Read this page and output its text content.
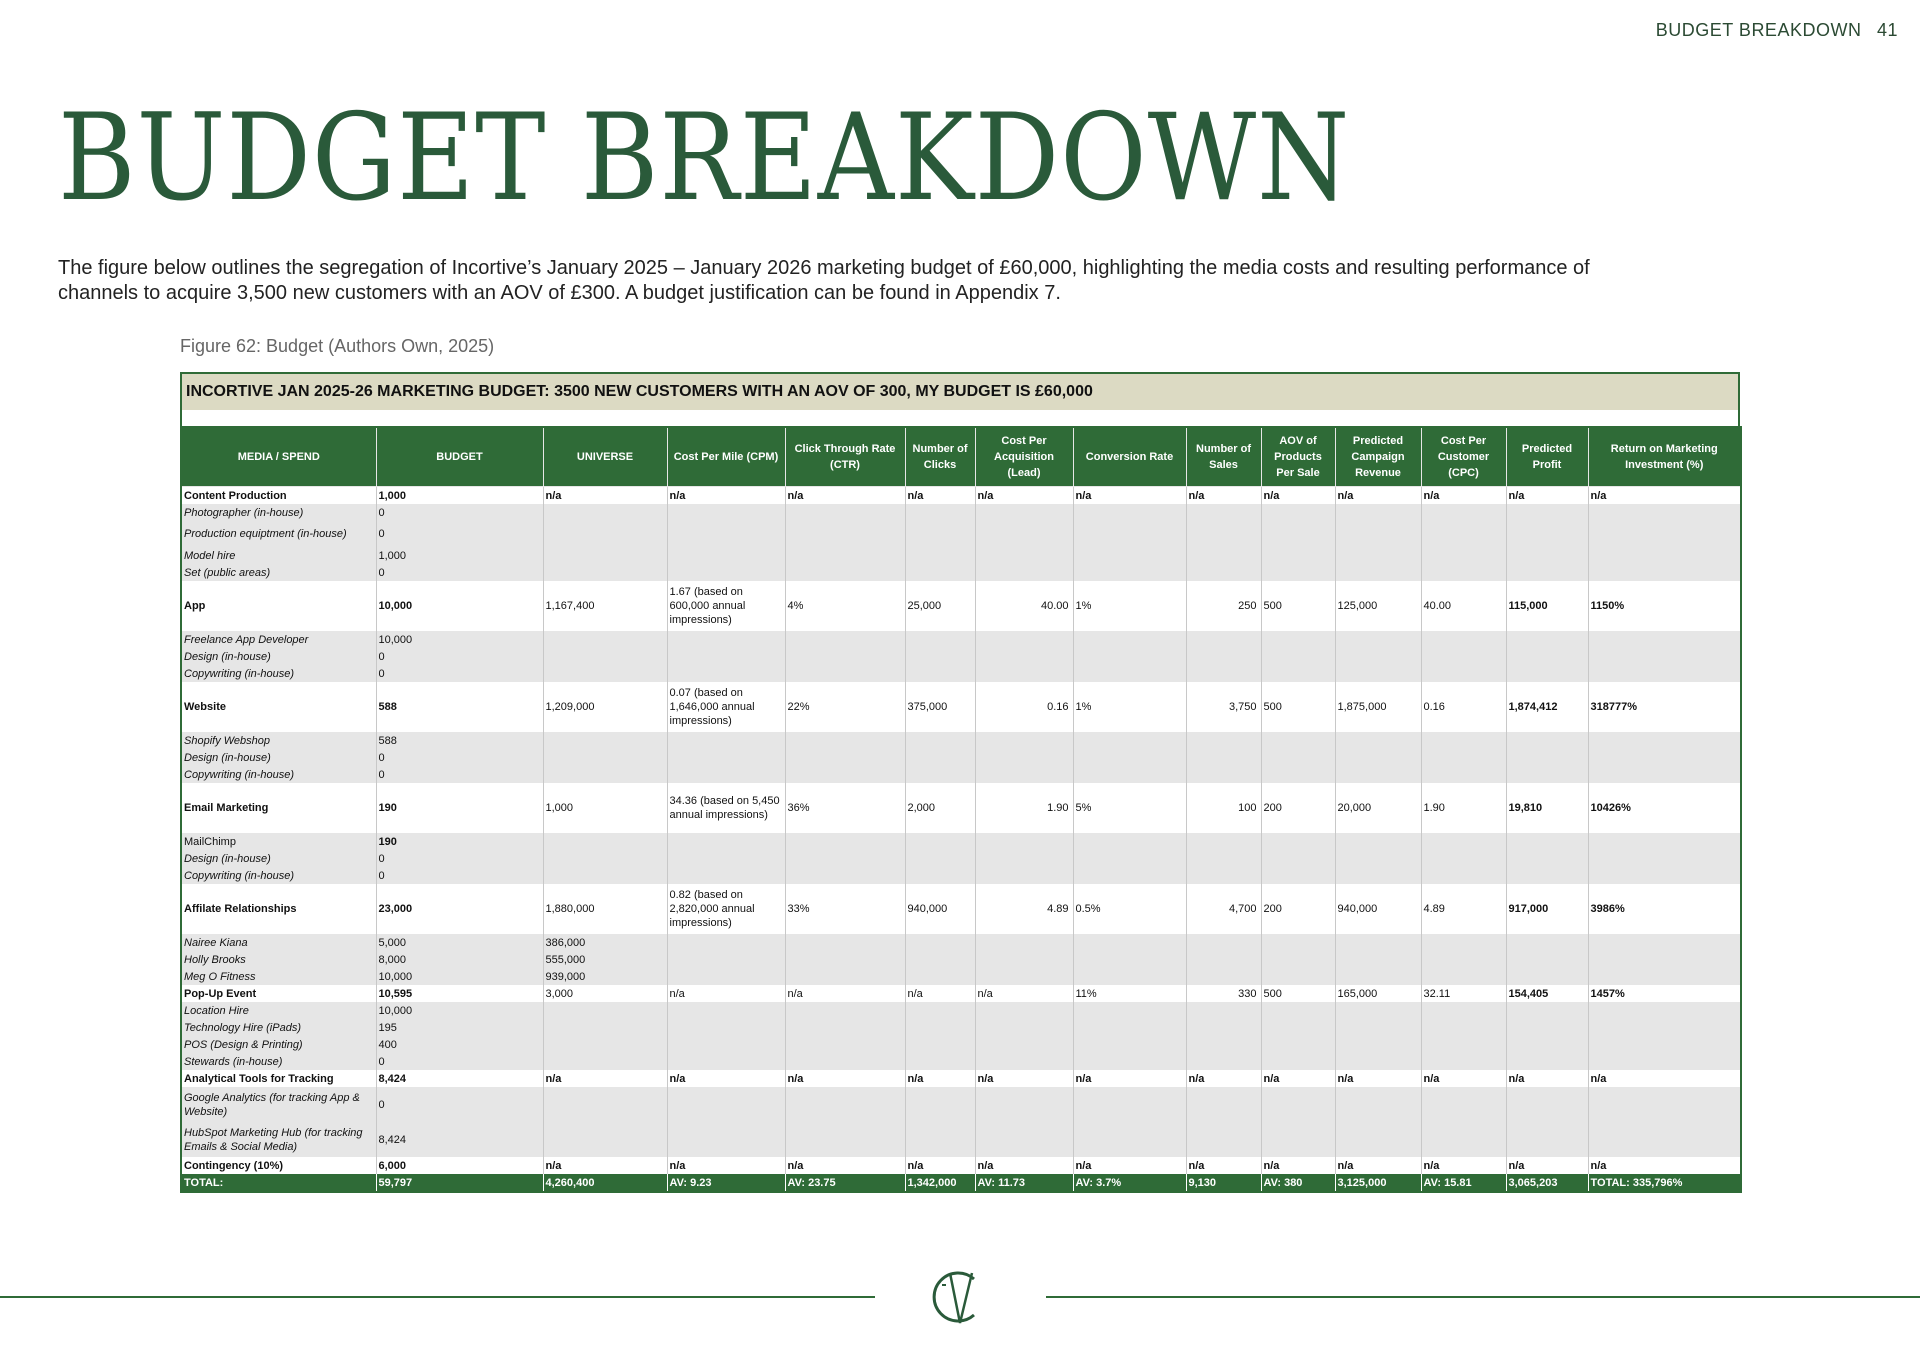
BUDGET BREAKDOWN 41
BUDGET BREAKDOWN

The figure below outlines the segregation of Incortive’s January 2025 – January 2026 marketing budget of £60,000, highlighting the media costs and resulting performance of channels to acquire 3,500 new customers with an AOV of £300. A budget justification can be found in Appendix 7.

Figure 62: Budget (Authors Own, 2025)

INCORTIVE JAN 2025-26 MARKETING BUDGET: 3500 NEW CUSTOMERS WITH AN AOV OF 300, MY BUDGET IS £60,000
MEDIA / SPEND	BUDGET	UNIVERSE	Cost Per Mile (CPM)	Click Through Rate (CTR)	Number of Clicks	Cost Per Acquisition (Lead)	Conversion Rate	Number of Sales	AOV of Products Per Sale	Predicted Campaign Revenue	Cost Per Customer (CPC)	Predicted Profit	Return on Marketing Investment (%)
Content Production	1,000	n/a	n/a	n/a	n/a	n/a	n/a	n/a	n/a	n/a	n/a	n/a	n/a
Photographer (in-house)	0												
Production equiptment (in-house)	0												
Model hire	1,000												
Set (public areas)	0												
App	10,000	1,167,400	1.67 (based on 600,000 annual impressions)	4%	25,000	40.00	1%	250	500	125,000	40.00	115,000	1150%
Freelance App Developer	10,000												
Design (in-house)	0												
Copywriting (in-house)	0												
Website	588	1,209,000	0.07 (based on 1,646,000 annual impressions)	22%	375,000	0.16	1%	3,750	500	1,875,000	0.16	1,874,412	318777%
Shopify Webshop	588												
Design (in-house)	0												
Copywriting (in-house)	0												
Email Marketing	190	1,000	34.36 (based on 5,450 annual impressions)	36%	2,000	1.90	5%	100	200	20,000	1.90	19,810	10426%
MailChimp	190												
Design (in-house)	0												
Copywriting (in-house)	0												
Affilate Relationships	23,000	1,880,000	0.82 (based on 2,820,000 annual impressions)	33%	940,000	4.89	0.5%	4,700	200	940,000	4.89	917,000	3986%
Nairee Kiana	5,000	386,000											
Holly Brooks	8,000	555,000											
Meg O Fitness	10,000	939,000											
Pop-Up Event	10,595	3,000	n/a	n/a	n/a	n/a	11%	330	500	165,000	32.11	154,405	1457%
Location Hire	10,000												
Technology Hire (iPads)	195												
POS (Design & Printing)	400												
Stewards (in-house)	0												
Analytical Tools for Tracking	8,424	n/a	n/a	n/a	n/a	n/a	n/a	n/a	n/a	n/a	n/a	n/a	n/a
Google Analytics (for tracking App & Website)	0												
HubSpot Marketing Hub (for tracking Emails & Social Media)	8,424												
Contingency (10%)	6,000	n/a	n/a	n/a	n/a	n/a	n/a	n/a	n/a	n/a	n/a	n/a	n/a
TOTAL:	59,797	4,260,400	AV: 9.23	AV: 23.75	1,342,000	AV: 11.73	AV: 3.7%	9,130	AV: 380	3,125,000	AV: 15.81	3,065,203	TOTAL: 335,796%
